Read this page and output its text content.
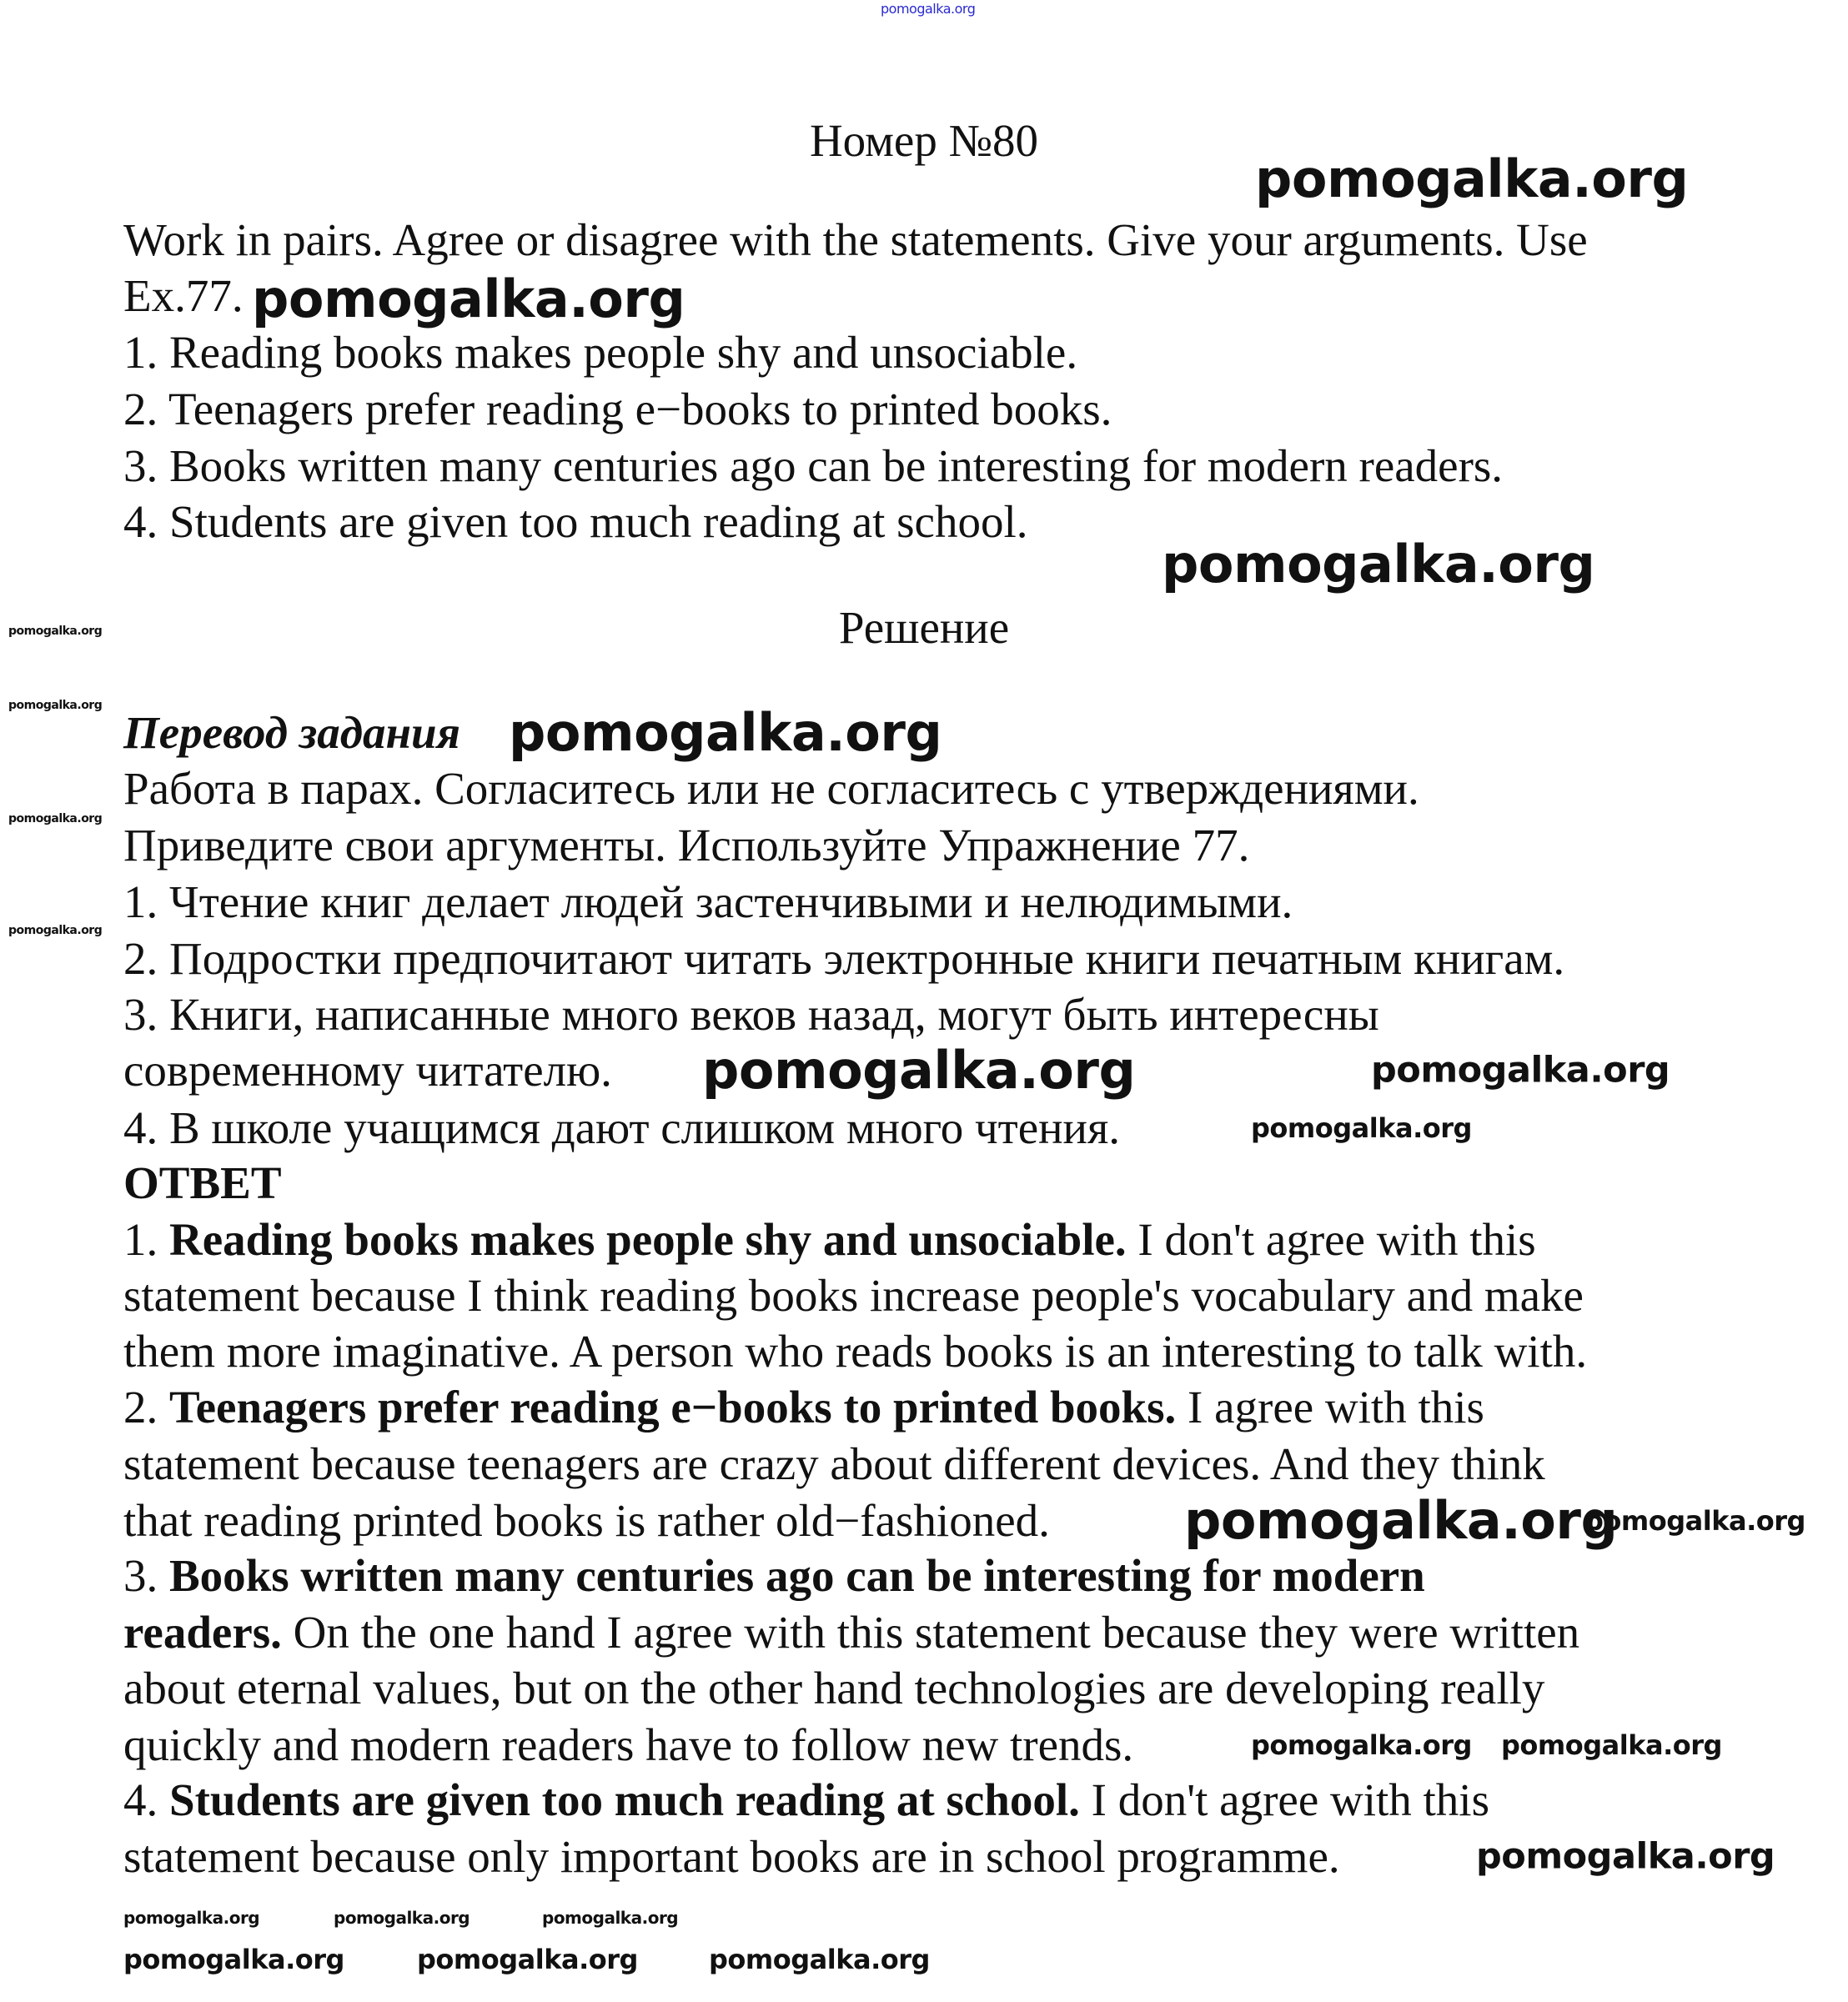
Номер №80
Решение
Перевод задания
ОТВЕТ
Work in pairs. Agree or disagree with the statements. Give your arguments. Use
Ex.77.
1. Reading books makes people shy and unsociable.
2. Teenagers prefer reading e−books to printed books.
3. Books written many centuries ago can be interesting for modern readers.
4. Students are given too much reading at school.
Работа в парах. Согласитесь или не согласитесь с утверждениями.
Приведите свои аргументы. Используйте Упражнение 77.
1. Чтение книг делает людей застенчивыми и нелюдимыми.
2. Подростки предпочитают читать электронные книги печатным книгам.
3. Книги, написанные много веков назад, могут быть интересны
современному читателю.
4. В школе учащимся дают слишком много чтения.
1. Reading books makes people shy and unsociable. I don't agree with this
statement because I think reading books increase people's vocabulary and make
them more imaginative. A person who reads books is an interesting to talk with.
2. Teenagers prefer reading e−books to printed books. I agree with this
statement because teenagers are crazy about different devices. And they think
that reading printed books is rather old−fashioned.
3. Books written many centuries ago can be interesting for modern
readers. On the one hand I agree with this statement because they were written
about eternal values, but on the other hand technologies are developing really
quickly and modern readers have to follow new trends.
4. Students are given too much reading at school. I don't agree with this
statement because only important books are in school programme.
pomogalka.org
pomogalka.org
pomogalka.org
pomogalka.org
pomogalka.org
pomogalka.org	pomogalka.org
pomogalka.org
pomogalka.org
pomogalka.org	pomogalka.org
pomogalka.org
pomogalka.org
pomogalka.org
pomogalka.org pomogalka.org
pomogalka.org
pomogalka.org	pomogalka.org	pomogalka.org
pomogalka.org	pomogalka.org	pomogalka.org
